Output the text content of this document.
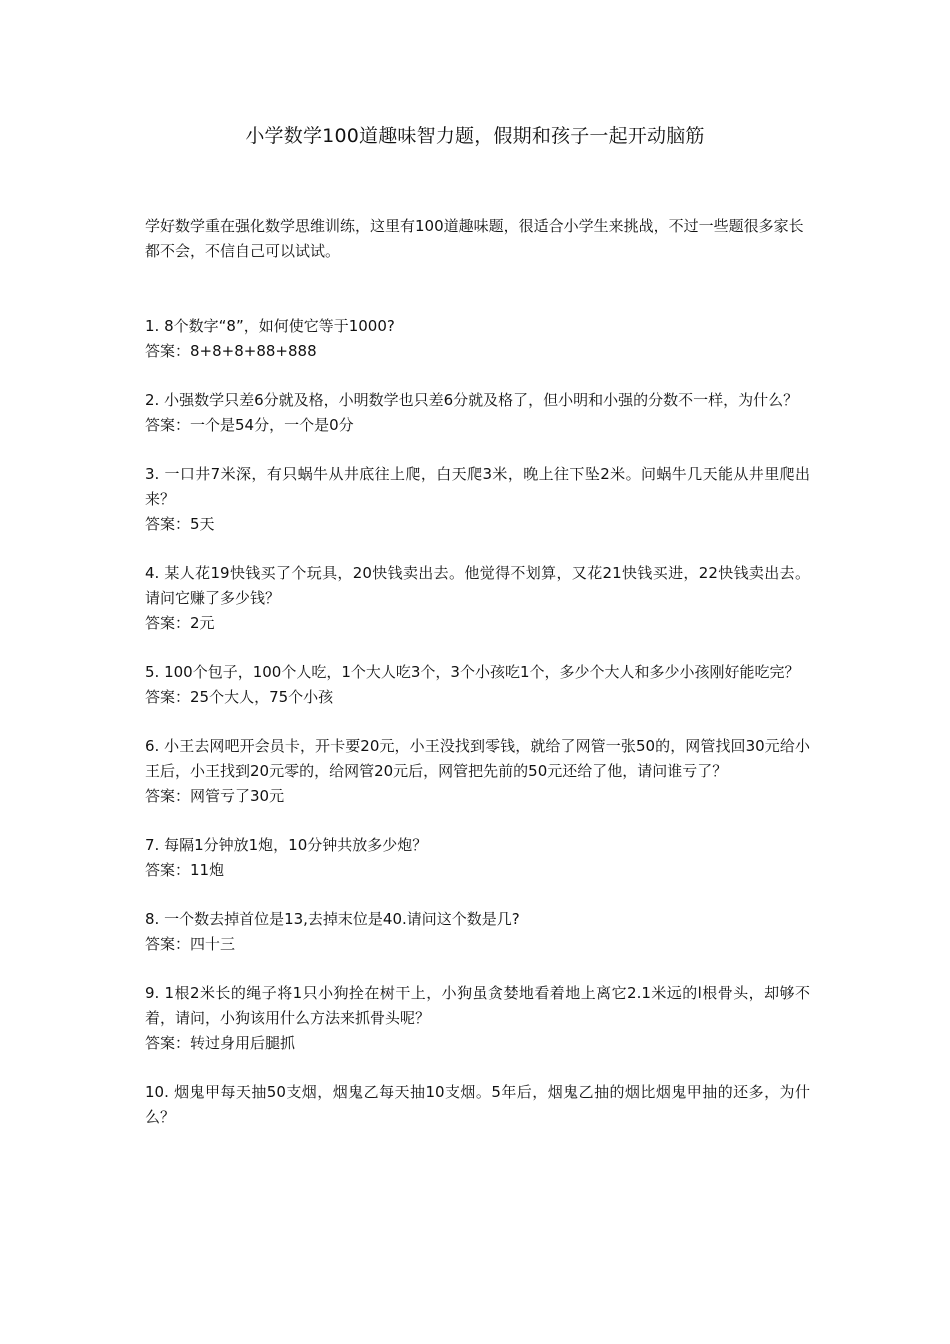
小学数学100道趣味智力题，假期和孩子一起开动脑筋
学好数学重在强化数学思维训练，这里有100道趣味题，很适合小学生来挑战，不过一些题很多家长都不会，不信自己可以试试。
1. 8个数字“8”，如何使它等于1000?
答案：8+8+8+88+888
2. 小强数学只差6分就及格，小明数学也只差6分就及格了，但小明和小强的分数不一样，为什么？
答案：一个是54分，一个是0分
3. 一口井7米深，有只蜗牛从井底往上爬，白天爬3米，晚上往下坠2米。问蜗牛几天能从井里爬出来？
答案：5天
4. 某人花19快钱买了个玩具，20快钱卖出去。他觉得不划算，又花21快钱买进，22快钱卖出去。请问它赚了多少钱？
答案：2元
5. 100个包子，100个人吃，1个大人吃3个，3个小孩吃1个，多少个大人和多少小孩刚好能吃完？
答案：25个大人，75个小孩
6. 小王去网吧开会员卡，开卡要20元，小王没找到零钱，就给了网管一张50的，网管找回30元给小王后，小王找到20元零的，给网管20元后，网管把先前的50元还给了他，请问谁亏了？
答案：网管亏了30元
7. 每隔1分钟放1炮，10分钟共放多少炮？
答案：11炮
8. 一个数去掉首位是13,去掉末位是40.请问这个数是几?
答案：四十三
9. 1根2米长的绳子将1只小狗拴在树干上，小狗虽贪婪地看着地上离它2.1米远的l根骨头，却够不着，请问，小狗该用什么方法来抓骨头呢？
答案：转过身用后腿抓
10. 烟鬼甲每天抽50支烟，烟鬼乙每天抽10支烟。5年后，烟鬼乙抽的烟比烟鬼甲抽的还多，为什么？
